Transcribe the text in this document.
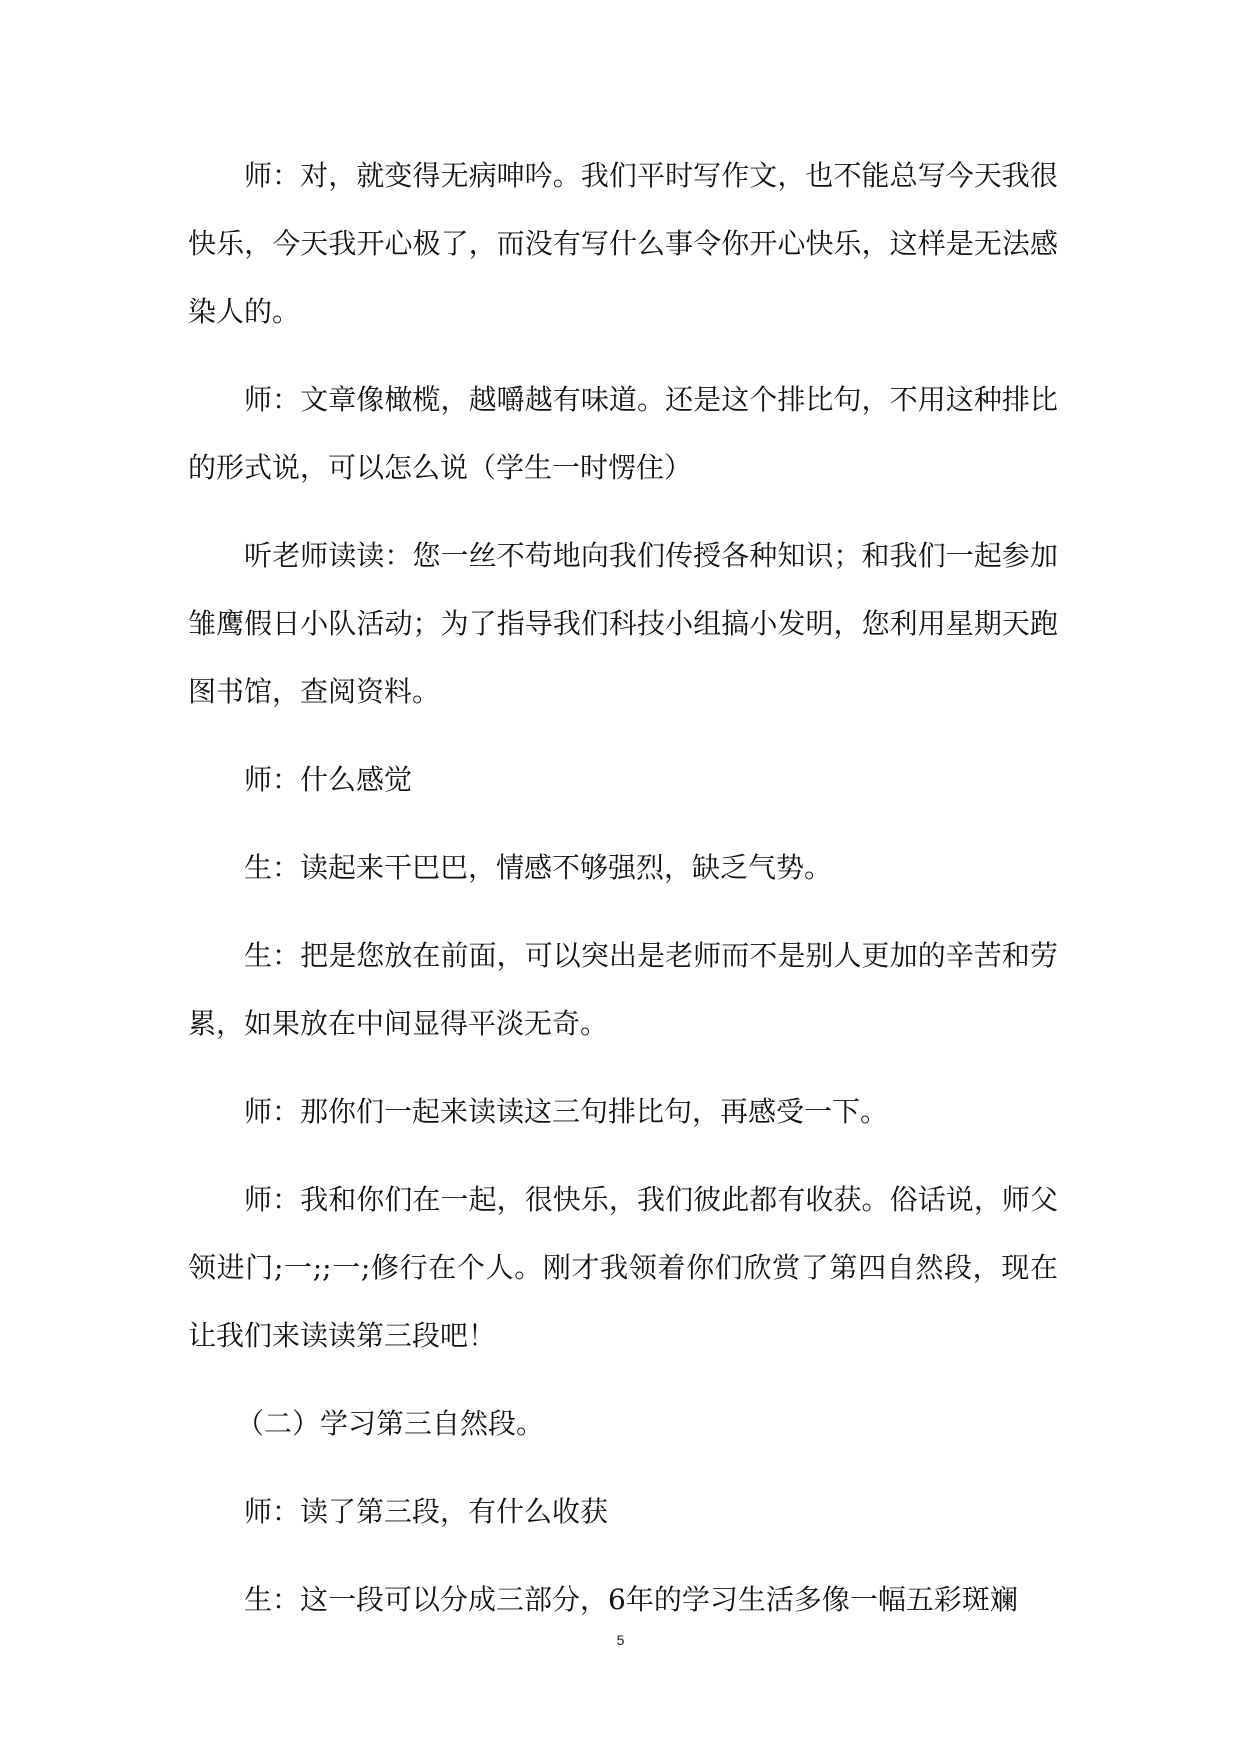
师：对，就变得无病呻吟。我们平时写作文，也不能总写今天我很快乐，今天我开心极了，而没有写什么事令你开心快乐，这样是无法感染人的。

师：文章像橄榄，越嚼越有味道。还是这个排比句，不用这种排比的形式说，可以怎么说（学生一时愣住）

听老师读读：您一丝不苟地向我们传授各种知识；和我们一起参加雏鹰假日小队活动；为了指导我们科技小组搞小发明，您利用星期天跑图书馆，查阅资料。

师：什么感觉

生：读起来干巴巴，情感不够强烈，缺乏气势。

生：把是您放在前面，可以突出是老师而不是别人更加的辛苦和劳累，如果放在中间显得平淡无奇。

师：那你们一起来读读这三句排比句，再感受一下。

师：我和你们在一起，很快乐，我们彼此都有收获。俗话说，师父领进门;一;;一;修行在个人。刚才我领着你们欣赏了第四自然段，现在让我们来读读第三段吧！

（二）学习第三自然段。

师：读了第三段，有什么收获

生：这一段可以分成三部分，6年的学习生活多像一幅五彩斑斓

5
